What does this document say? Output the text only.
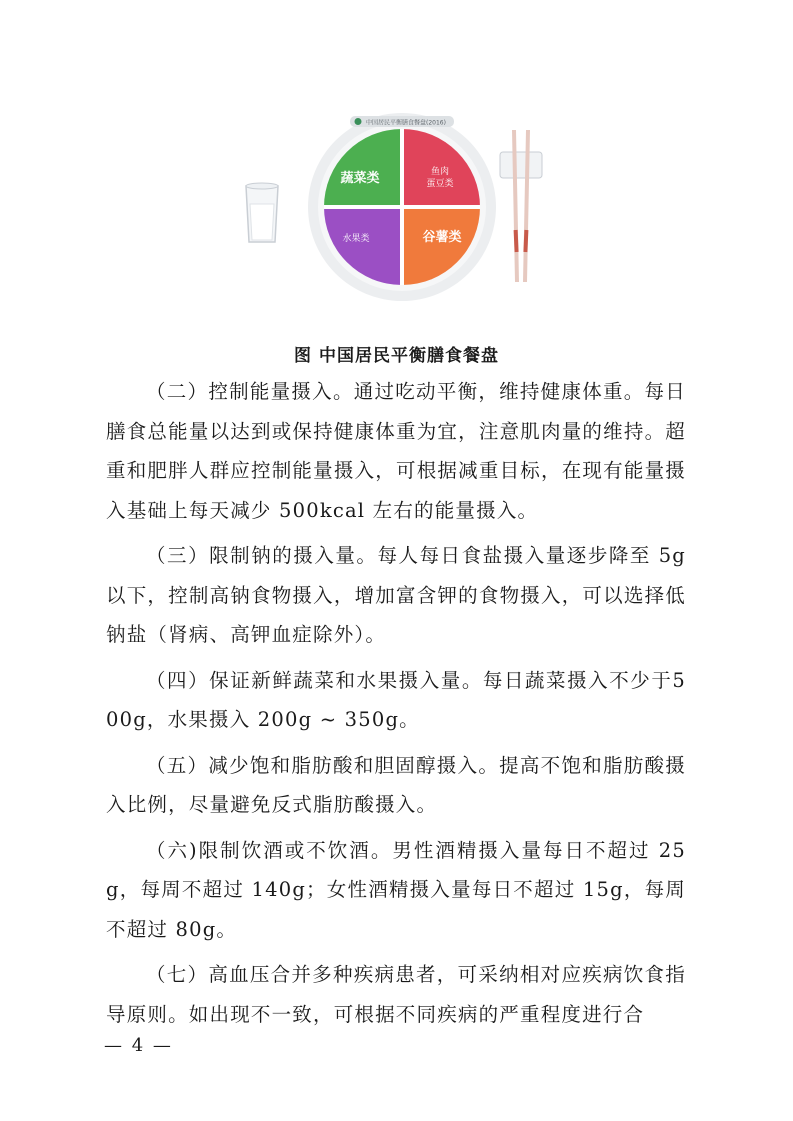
中国居民平衡膳食餐盘(2016)
蔬菜类	鱼肉
蛋豆类
水果类	谷薯类
图 中国居民平衡膳食餐盘

（二）控制能量摄入。通过吃动平衡，维持健康体重。每日膳食总能量以达到或保持健康体重为宜，注意肌肉量的维持。超重和肥胖人群应控制能量摄入，可根据减重目标，在现有能量摄入基础上每天减少 500kcal 左右的能量摄入。

（三）限制钠的摄入量。每人每日食盐摄入量逐步降至 5g以下，控制高钠食物摄入，增加富含钾的食物摄入，可以选择低钠盐（肾病、高钾血症除外）。

（四）保证新鲜蔬菜和水果摄入量。每日蔬菜摄入不少于500g，水果摄入 200g ~ 350g。

（五）减少饱和脂肪酸和胆固醇摄入。提高不饱和脂肪酸摄入比例，尽量避免反式脂肪酸摄入。

（六)限制饮酒或不饮酒。男性酒精摄入量每日不超过 25g，每周不超过 140g；女性酒精摄入量每日不超过 15g，每周不超过 80g。

（七）高血压合并多种疾病患者，可采纳相对应疾病饮食指导原则。如出现不一致，可根据不同疾病的严重程度进行合

— 4 —
